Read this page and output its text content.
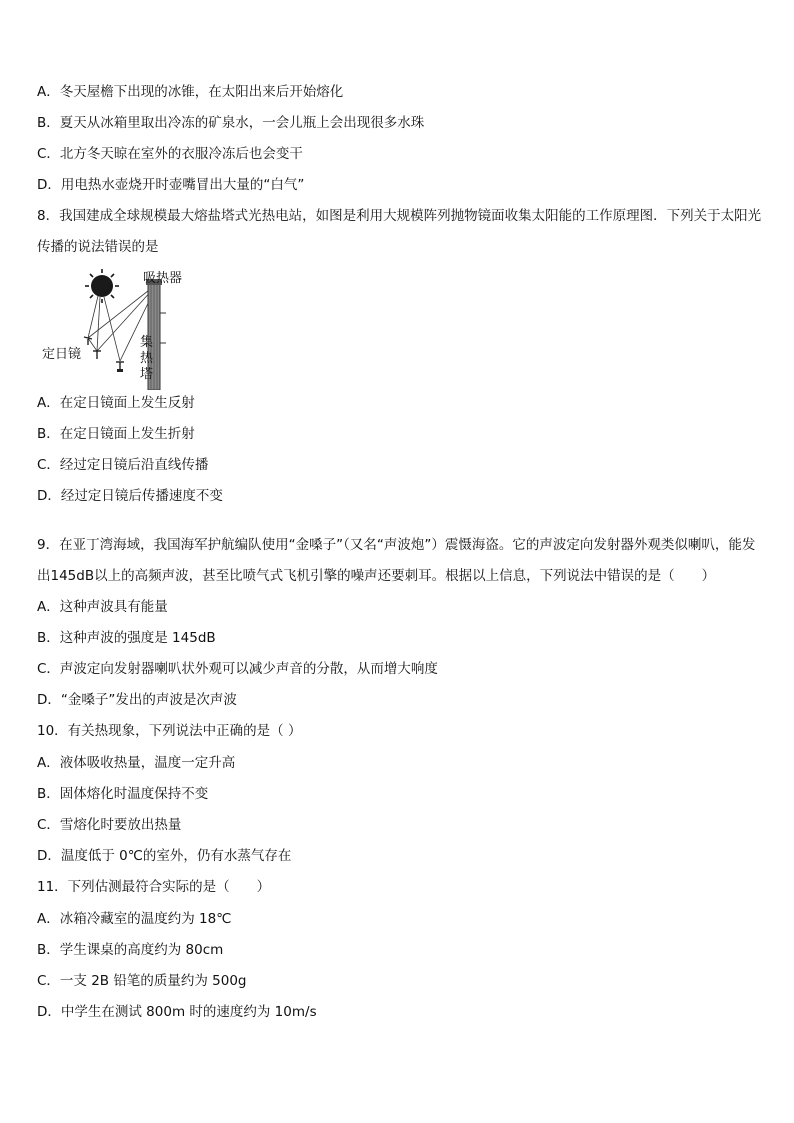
A．冬天屋檐下出现的冰锥，在太阳出来后开始熔化
B．夏天从冰箱里取出冷冻的矿泉水，一会儿瓶上会出现很多水珠
C．北方冬天晾在室外的衣服冷冻后也会变干
D．用电热水壶烧开时壶嘴冒出大量的“白气”
8．我国建成全球规模最大熔盐塔式光热电站，如图是利用大规模阵列抛物镜面收集太阳能的工作原理图．下列关于太阳光传播的说法错误的是
吸热器
定日镜
集
热
塔
A．在定日镜面上发生反射
B．在定日镜面上发生折射
C．经过定日镜后沿直线传播
D．经过定日镜后传播速度不变
9．在亚丁湾海域，我国海军护航编队使用“金嗓子”（又名“声波炮”）震慑海盗。它的声波定向发射器外观类似喇叭，能发出145dB以上的高频声波，甚至比喷气式飞机引擎的噪声还要刺耳。根据以上信息，下列说法中错误的是（　　）
A．这种声波具有能量
B．这种声波的强度是 145dB
C．声波定向发射器喇叭状外观可以减少声音的分散，从而增大响度
D．“金嗓子”发出的声波是次声波
10．有关热现象，下列说法中正确的是（ ）
A．液体吸收热量，温度一定升高
B．固体熔化时温度保持不变
C．雪熔化时要放出热量
D．温度低于 0℃的室外，仍有水蒸气存在
11．下列估测最符合实际的是（　　）
A．冰箱冷藏室的温度约为 18℃
B．学生课桌的高度约为 80cm
C．一支 2B 铅笔的质量约为 500g
D．中学生在测试 800m 时的速度约为 10m/s
